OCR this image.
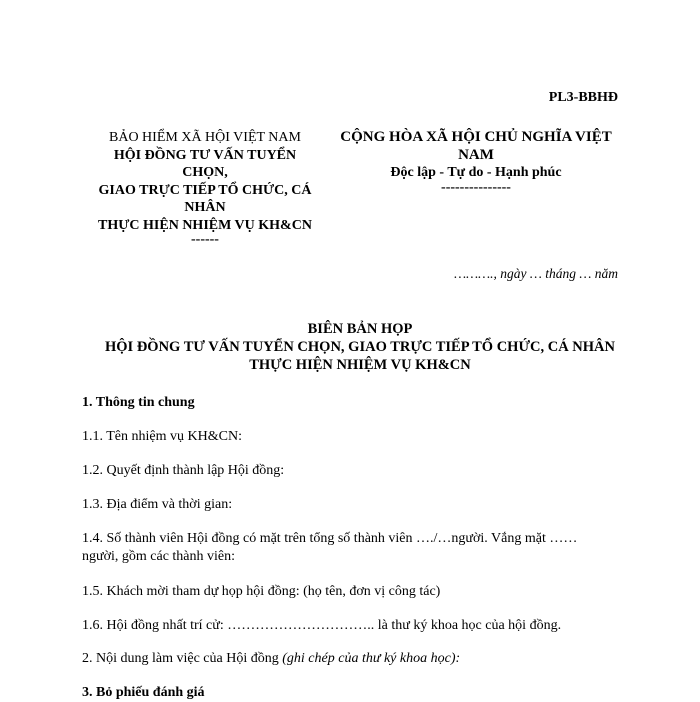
PL3-BBHĐ
BẢO HIỂM XÃ HỘI VIỆT NAM
HỘI ĐỒNG TƯ VẤN TUYỂN
CHỌN,
GIAO TRỰC TIẾP TỔ CHỨC, CÁ
NHÂN
THỰC HIỆN NHIỆM VỤ KH&CN
------
CỘNG HÒA XÃ HỘI CHỦ NGHĨA VIỆT
NAM
Độc lập - Tự do - Hạnh phúc
---------------
………., ngày … tháng … năm
BIÊN BẢN HỌP
HỘI ĐỒNG TƯ VẤN TUYỂN CHỌN, GIAO TRỰC TIẾP TỔ CHỨC, CÁ NHÂN
THỰC HIỆN NHIỆM VỤ KH&CN
1. Thông tin chung
1.1. Tên nhiệm vụ KH&CN:
1.2. Quyết định thành lập Hội đồng:
1.3. Địa điểm và thời gian:
1.4. Số thành viên Hội đồng có mặt trên tổng số thành viên …./…người. Vắng mặt ……
người, gồm các thành viên:
1.5. Khách mời tham dự họp hội đồng: (họ tên, đơn vị công tác)
1.6. Hội đồng nhất trí cử: ………………………….. là thư ký khoa học của hội đồng.
2. Nội dung làm việc của Hội đồng (ghi chép của thư ký khoa học):
3. Bỏ phiếu đánh giá
